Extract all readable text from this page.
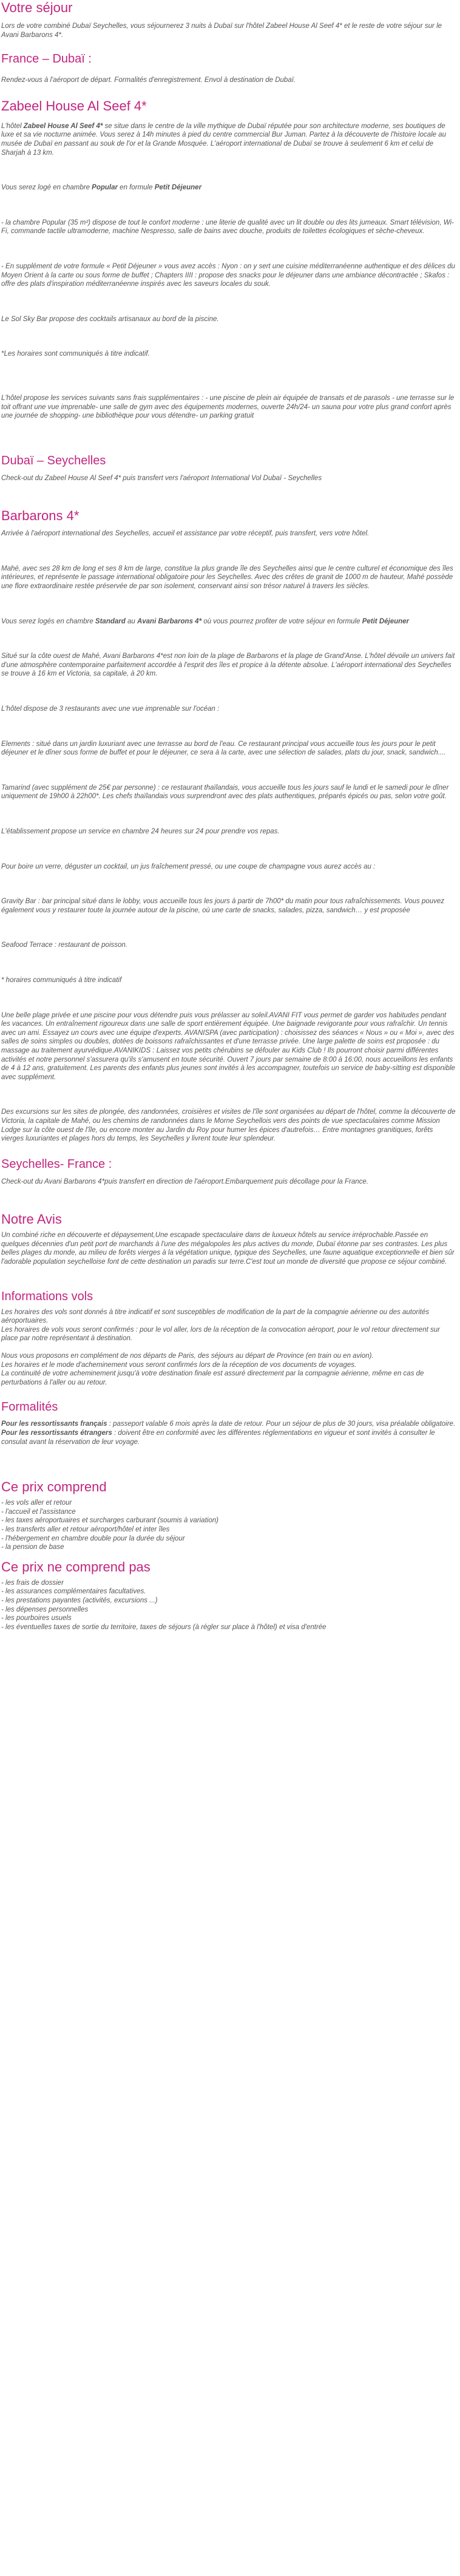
Votre séjour

Lors de votre combiné Dubaï Seychelles, vous séjournerez 3 nuits à Dubaï sur l'hôtel Zabeel House Al Seef 4* et le reste de votre séjour sur le Avani Barbarons 4*.

France – Dubaï :

Rendez-vous à l'aéroport de départ. Formalités d'enregistrement. Envol à destination de Dubaï.

Zabeel House Al Seef 4*

L'hôtel Zabeel House Al Seef 4* se situe dans le centre de la ville mythique de Dubaï réputée pour son architecture moderne, ses boutiques de luxe et sa vie nocturne animée. Vous serez à 14h minutes à pied du centre commercial Bur Juman. Partez à la découverte de l'histoire locale au musée de Dubaï en passant au souk de l'or et la Grande Mosquée. L'aéroport international de Dubaï se trouve à seulement 6 km et celui de Sharjah à 13 km.

Vous serez logé en chambre Popular en formule Petit Déjeuner

- la chambre Popular (35 m²) dispose de tout le confort moderne : une literie de qualité avec un lit double ou des lits jumeaux. Smart télévision, Wi-Fi, commande tactile ultramoderne, machine Nespresso, salle de bains avec douche, produits de toilettes écologiques et sèche-cheveux.

- En supplément de votre formule « Petit Déjeuner » vous avez accès : Nyon : on y sert une cuisine méditerranéenne authentique et des délices du Moyen Orient à la carte ou sous forme de buffet ; Chapters IIII : propose des snacks pour le déjeuner dans une ambiance décontractée ; Skafos : offre des plats d'inspiration méditerranéenne inspirés avec les saveurs locales du souk.

Le Sol Sky Bar propose des cocktails artisanaux au bord de la piscine.

*Les horaires sont communiqués à titre indicatif.

L'hôtel propose les services suivants sans frais supplémentaires : - une piscine de plein air équipée de transats et de parasols - une terrasse sur le toit offrant une vue imprenable- une salle de gym avec des équipements modernes, ouverte 24h/24- un sauna pour votre plus grand confort après une journée de shopping- une bibliothèque pour vous détendre- un parking gratuit

Dubaï – Seychelles

Check-out du Zabeel House Al Seef 4* puis transfert vers l'aéroport International Vol Dubaï - Seychelles

Barbarons 4*

Arrivée à l'aéroport international des Seychelles, accueil et assistance par votre réceptif, puis transfert, vers votre hôtel.

Mahé, avec ses 28 km de long et ses 8 km de large, constitue la plus grande île des Seychelles ainsi que le centre culturel et économique des îles intérieures, et représente le passage international obligatoire pour les Seychelles. Avec des crêtes de granit de 1000 m de hauteur, Mahé possède une flore extraordinaire restée préservée de par son isolement, conservant ainsi son trésor naturel à travers les siècles.

Vous serez logés en chambre Standard au Avani Barbarons 4* où vous pourrez profiter de votre séjour en formule Petit Déjeuner

Situé sur la côte ouest de Mahé, Avani Barbarons 4*est non loin de la plage de Barbarons et la plage de Grand'Anse. L'hôtel dévoile un univers fait d'une atmosphère contemporaine parfaitement accordée à l'esprit des îles et propice à la détente absolue. L'aéroport international des Seychelles se trouve à 16 km et Victoria, sa capitale, à 20 km.

L'hôtel dispose de 3 restaurants avec une vue imprenable sur l'océan :

Elements : situé dans un jardin luxuriant avec une terrasse au bord de l'eau. Ce restaurant principal vous accueille tous les jours pour le petit déjeuner et le dîner sous forme de buffet et pour le déjeuner, ce sera à la carte, avec une sélection de salades, plats du jour, snack, sandwich....

Tamarind (avec supplément de 25€ par personne) : ce restaurant thaïlandais, vous accueille tous les jours sauf le lundi et le samedi pour le dîner uniquement de 19h00 à 22h00*. Les chefs thaïlandais vous surprendront avec des plats authentiques, préparés épicés ou pas, selon votre goût.

L'établissement propose un service en chambre 24 heures sur 24 pour prendre vos repas.

Pour boire un verre, déguster un cocktail, un jus fraîchement pressé, ou une coupe de champagne vous aurez accès au :

Gravity Bar : bar principal situé dans le lobby, vous accueille tous les jours à partir de 7h00* du matin pour tous rafraîchissements. Vous pouvez également vous y restaurer toute la journée autour de la piscine, où une carte de snacks, salades, pizza, sandwich… y est proposée

Seafood Terrace : restaurant de poisson.

* horaires communiqués à titre indicatif

Une belle plage privée et une piscine pour vous détendre puis vous prélasser au soleil.AVANI FIT vous permet de garder vos habitudes pendant les vacances. Un entraînement rigoureux dans une salle de sport entièrement équipée. Une baignade revigorante pour vous rafraîchir. Un tennis avec un ami. Essayez un cours avec une équipe d'experts. AVANISPA (avec participation) : choisissez des séances « Nous » ou « Moi », avec des salles de soins simples ou doubles, dotées de boissons rafraîchissantes et d'une terrasse privée. Une large palette de soins est proposée : du massage au traitement ayurvédique.AVANIKIDS : Laissez vos petits chérubins se défouler au Kids Club ! Ils pourront choisir parmi différentes activités et notre personnel s'assurera qu'ils s'amusent en toute sécurité. Ouvert 7 jours par semaine de 8:00 à 16:00, nous accueillons les enfants de 4 à 12 ans, gratuitement. Les parents des enfants plus jeunes sont invités à les accompagner, toutefois un service de baby-sitting est disponible avec supplément.

Des excursions sur les sites de plongée, des randonnées, croisières et visites de l'île sont organisées au départ de l'hôtel, comme la découverte de Victoria, la capitale de Mahé, ou les chemins de randonnées dans le Morne Seychellois vers des points de vue spectaculaires comme Mission Lodge sur la côte ouest de l'île, ou encore monter au Jardin du Roy pour humer les épices d'autrefois… Entre montagnes granitiques, forêts vierges luxuriantes et plages hors du temps, les Seychelles y livrent toute leur splendeur.

Seychelles- France :

Check-out du Avani Barbarons 4*puis transfert en direction de l'aéroport.Embarquement puis décollage pour la France.

Notre Avis

Un combiné riche en découverte et dépaysement,Une escapade spectaculaire dans de luxueux hôtels au service irréprochable.Passée en quelques décennies d'un petit port de marchands à l'une des mégalopoles les plus actives du monde, Dubaï étonne par ses contrastes. Les plus belles plages du monde, au milieu de forêts vierges à la végétation unique, typique des Seychelles, une faune aquatique exceptionnelle et bien sûr l'adorable population seychelloise font de cette destination un paradis sur terre.C'est tout un monde de diversité que propose ce séjour combiné.

Informations vols

Les horaires des vols sont donnés à titre indicatif et sont susceptibles de modification de la part de la compagnie aérienne ou des autorités aéroportuaires.

Les horaires de vols vous seront confirmés : pour le vol aller, lors de la réception de la convocation aéroport, pour le vol retour directement sur place par notre représentant à destination.

Nous vous proposons en complément de nos départs de Paris, des séjours au départ de Province (en train ou en avion).

Les horaires et le mode d'acheminement vous seront confirmés lors de la réception de vos documents de voyages.

La continuité de votre acheminement jusqu'à votre destination finale est assuré directement par la compagnie aérienne, même en cas de perturbations à l'aller ou au retour.

Formalités

Pour les ressortissants français : passeport valable 6 mois après la date de retour. Pour un séjour de plus de 30 jours, visa préalable obligatoire.

Pour les ressortissants étrangers : doivent être en conformité avec les différentes réglementations en vigueur et sont invités à consulter le consulat avant la réservation de leur voyage.

Ce prix comprend

- les vols aller et retour

- l'accueil et l'assistance

- les taxes aéroportuaires et surcharges carburant (soumis à variation)

- les transferts aller et retour aéroport/hôtel et inter îles

- l'hébergement en chambre double pour la durée du séjour

- la pension de base

Ce prix ne comprend pas

- les frais de dossier

- les assurances complémentaires facultatives.

- les prestations payantes (activités, excursions ...)

- les dépenses personnelles

- les pourboires usuels

- les éventuelles taxes de sortie du territoire, taxes de séjours (à régler sur place à l'hôtel) et visa d'entrée
